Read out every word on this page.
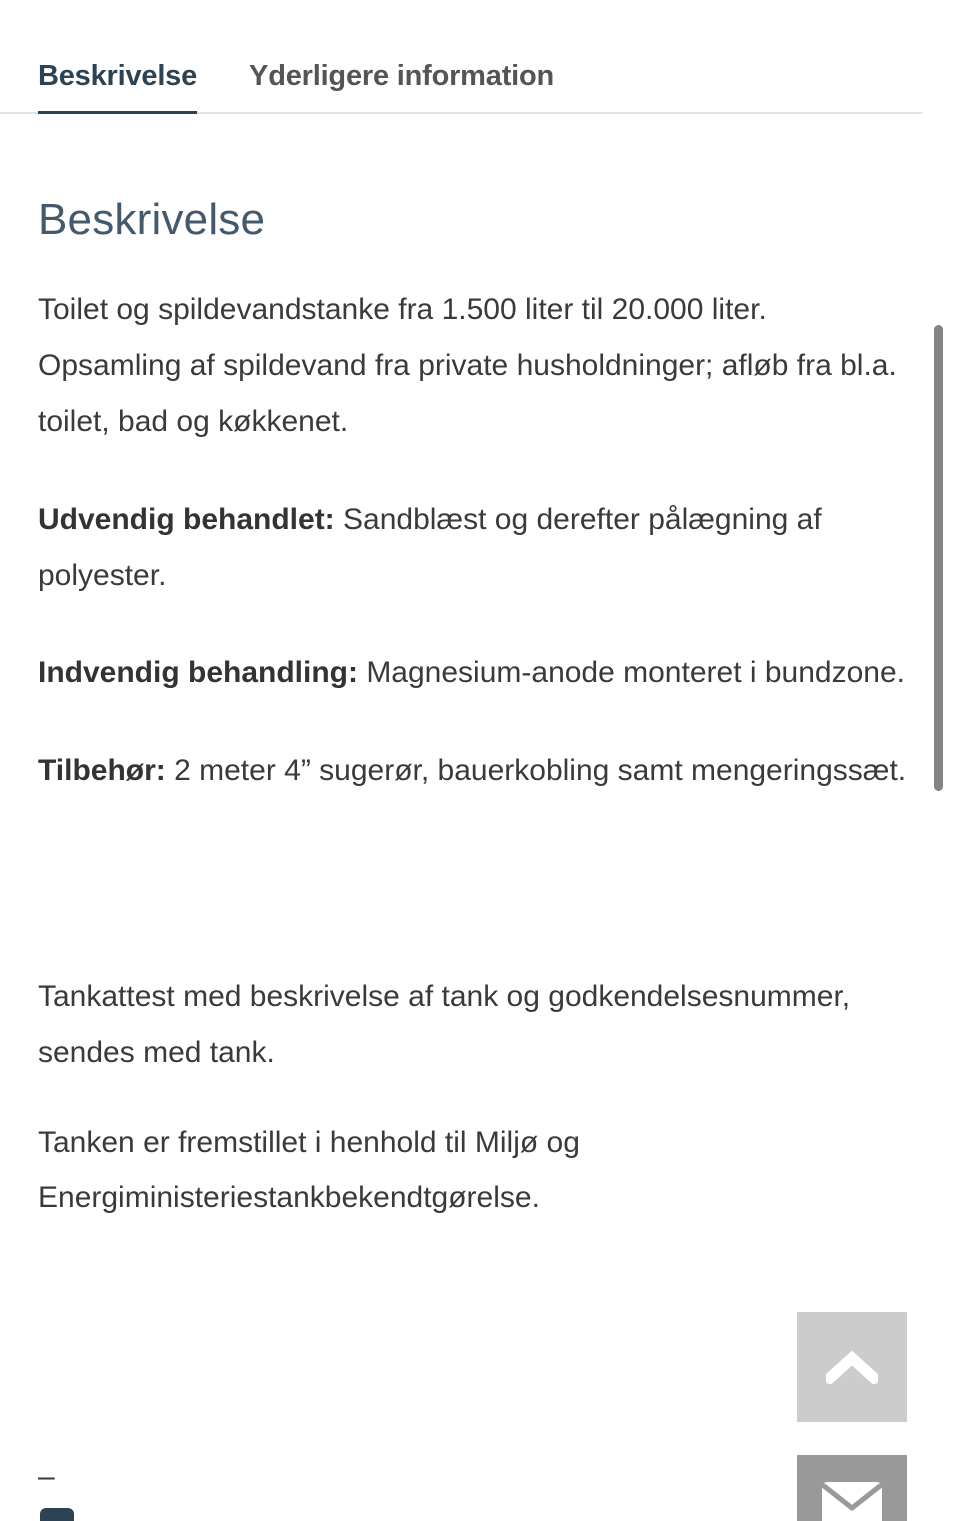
Beskrivelse Yderligere information
Beskrivelse

Toilet og spildevandstanke fra 1.500 liter til 20.000 liter. Opsamling af spildevand fra private husholdninger; afløb fra bl.a. toilet, bad og køkkenet.

Udvendig behandlet: Sandblæst og derefter pålægning af polyester.

Indvendig behandling: Magnesium-anode monteret i bundzone.

Tilbehør: 2 meter 4” sugerør, bauerkobling samt mengeringssæt.

Tankattest med beskrivelse af tank og godkendelsesnummer, sendes med tank.

Tanken er fremstillet i henhold til Miljø og Energiministeriestankbekendtgørelse.

–
